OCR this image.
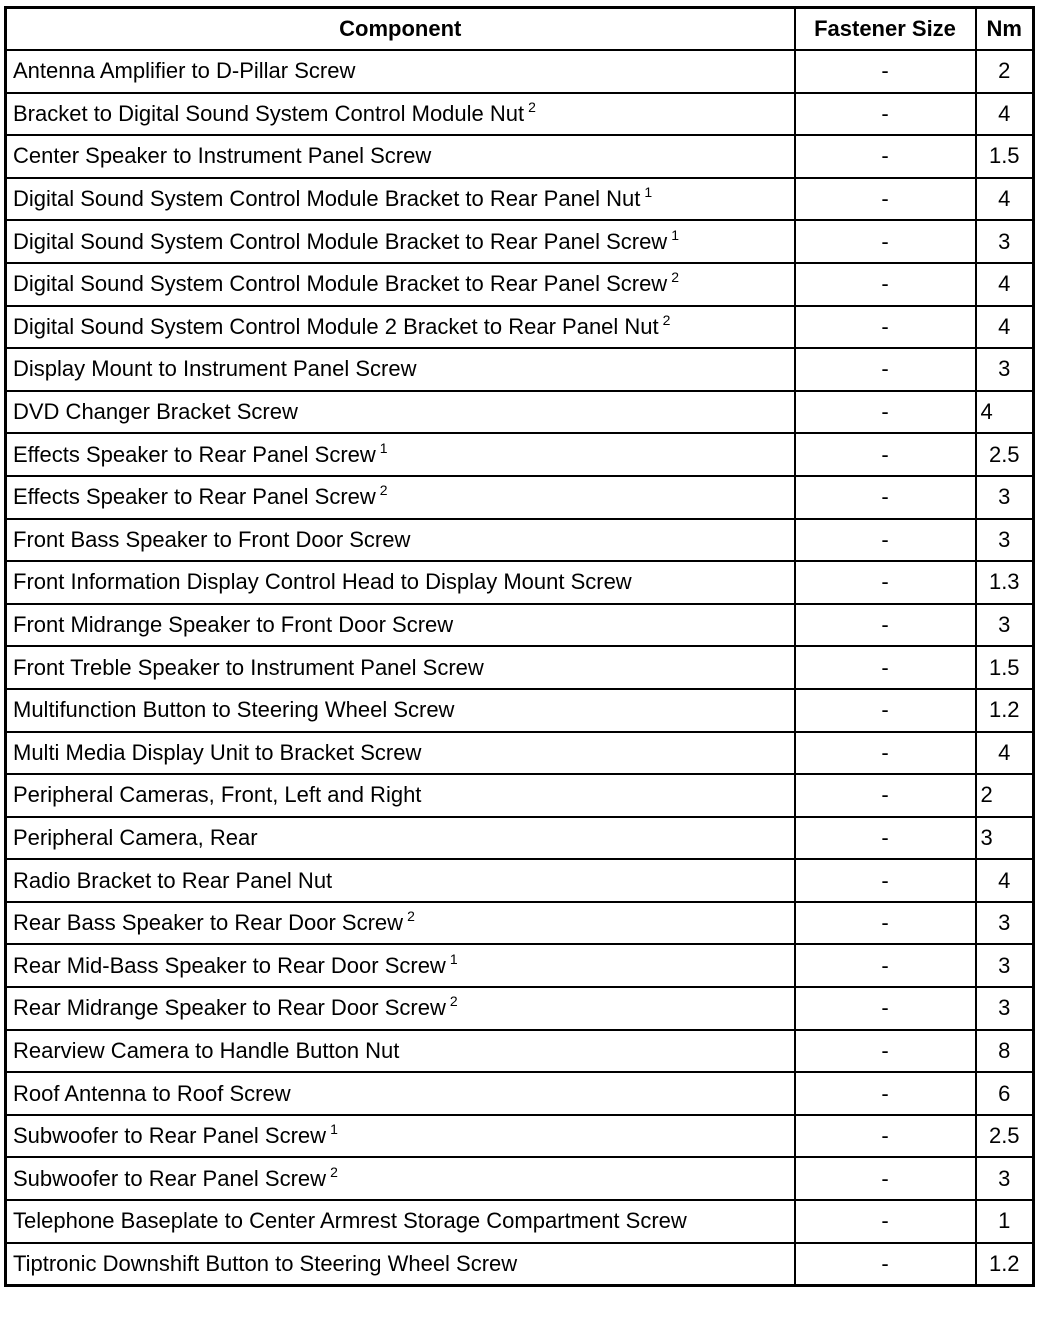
Component	Fastener Size	Nm
Antenna Amplifier to D-Pillar Screw	-	2
Bracket to Digital Sound System Control Module Nut $^2$	-	4
Center Speaker to Instrument Panel Screw	-	1.5
Digital Sound System Control Module Bracket to Rear Panel Nut $^1$	-	4
Digital Sound System Control Module Bracket to Rear Panel Screw $^1$	-	3
Digital Sound System Control Module Bracket to Rear Panel Screw $^2$	-	4
Digital Sound System Control Module 2 Bracket to Rear Panel Nut $^2$	-	4
Display Mount to Instrument Panel Screw	-	3
DVD Changer Bracket Screw	-	4
Effects Speaker to Rear Panel Screw $^1$	-	2.5
Effects Speaker to Rear Panel Screw $^2$	-	3
Front Bass Speaker to Front Door Screw	-	3
Front Information Display Control Head to Display Mount Screw	-	1.3
Front Midrange Speaker to Front Door Screw	-	3
Front Treble Speaker to Instrument Panel Screw	-	1.5
Multifunction Button to Steering Wheel Screw	-	1.2
Multi Media Display Unit to Bracket Screw	-	4
Peripheral Cameras, Front, Left and Right	-	2
Peripheral Camera, Rear	-	3
Radio Bracket to Rear Panel Nut	-	4
Rear Bass Speaker to Rear Door Screw $^2$	-	3
Rear Mid-Bass Speaker to Rear Door Screw $^1$	-	3
Rear Midrange Speaker to Rear Door Screw $^2$	-	3
Rearview Camera to Handle Button Nut	-	8
Roof Antenna to Roof Screw	-	6
Subwoofer to Rear Panel Screw $^1$	-	2.5
Subwoofer to Rear Panel Screw $^2$	-	3
Telephone Baseplate to Center Armrest Storage Compartment Screw	-	1
Tiptronic Downshift Button to Steering Wheel Screw	-	1.2
